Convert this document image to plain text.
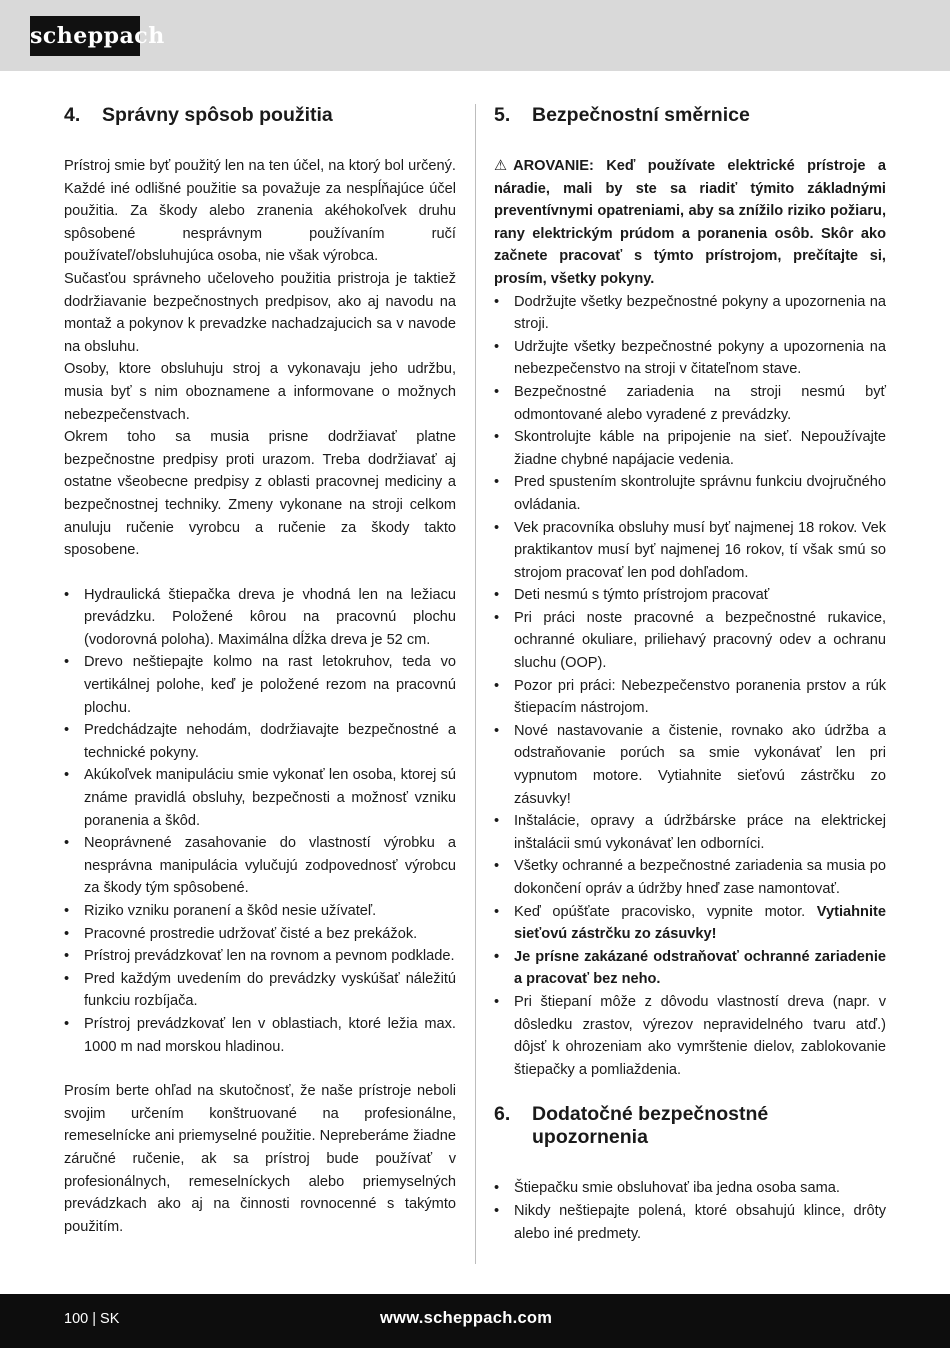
scheppach
4.	Správny spôsob použitia

Prístroj smie byť použitý len na ten účel, na ktorý bol určený. Každé iné odlišné použitie sa považuje za nespĺňajúce účel použitia. Za škody alebo zranenia akéhokoľvek druhu spôsobené nesprávnym používaním ručí používateľ/obsluhujúca osoba, nie však výrobca.

Sučasťou správneho učeloveho použitia pristroja je taktiež dodržiavanie bezpečnostnych predpisov, ako aj navodu na montaž a pokynov k prevadzke nachadzajucich sa v navode na obsluhu.

Osoby, ktore obsluhuju stroj a vykonavaju jeho udržbu, musia byť s nim oboznamene a informovane o možnych nebezpečenstvach.

Okrem toho sa musia prisne dodržiavať platne bezpečnostne predpisy proti urazom. Treba dodržiavať aj ostatne všeobecne predpisy z oblasti pracovnej mediciny a bezpečnostnej techniky. Zmeny vykonane na stroji celkom anuluju ručenie vyrobcu a ručenie za škody takto sposobene.

• Hydraulická štiepačka dreva je vhodná len na ležiacu prevádzku. Položené kôrou na pracovnú plochu (vodorovná poloha). Maximálna dĺžka dreva je 52 cm.
• Drevo neštiepajte kolmo na rast letokruhov, teda vo vertikálnej polohe, keď je položené rezom na pracovnú plochu.
• Predchádzajte nehodám, dodržiavajte bezpečnostné a technické pokyny.
• Akúkoľvek manipuláciu smie vykonať len osoba, ktorej sú známe pravidlá obsluhy, bezpečnosti a možnosť vzniku poranenia a škôd.
• Neoprávnené zasahovanie do vlastností výrobku a nesprávna manipulácia vylučujú zodpovednosť výrobcu za škody tým spôsobené.
• Riziko vzniku poranení a škôd nesie užívateľ.
• Pracovné prostredie udržovať čisté a bez prekážok.
• Prístroj prevádzkovať len na rovnom a pevnom podklade.
• Pred každým uvedením do prevádzky vyskúšať náležitú funkciu rozbíjača.
• Prístroj prevádzkovať len v oblastiach, ktoré ležia max. 1000 m nad morskou hladinou.

Prosím berte ohľad na skutočnosť, že naše prístroje neboli svojim určením konštruované na profesionálne, remeselnícke ani priemyselné použitie. Nepreberáme žiadne záručné ručenie, ak sa prístroj bude používať v profesionálnych, remeselníckych alebo priemyselných prevádzkach ako aj na činnosti rovnocenné s takýmto použitím.

5.	Bezpečnostní směrnice

⚠ AROVANIE: Keď používate elektrické prístroje a náradie, mali by ste sa riadiť týmito základnými preventívnymi opatreniami, aby sa znížilo riziko požiaru, rany elektrickým prúdom a poranenia osôb. Skôr ako začnete pracovať s týmto prístrojom, prečítajte si, prosím, všetky pokyny.

• Dodržujte všetky bezpečnostné pokyny a upozornenia na stroji.
• Udržujte všetky bezpečnostné pokyny a upozornenia na nebezpečenstvo na stroji v čitateľnom stave.
• Bezpečnostné zariadenia na stroji nesmú byť odmontované alebo vyradené z prevádzky.
• Skontrolujte káble na pripojenie na sieť. Nepoužívajte žiadne chybné napájacie vedenia.
• Pred spustením skontrolujte správnu funkciu dvojručného ovládania.
• Vek pracovníka obsluhy musí byť najmenej 18 rokov. Vek praktikantov musí byť najmenej 16 rokov, tí však smú so strojom pracovať len pod dohľadom.
• Deti nesmú s týmto prístrojom pracovať
• Pri práci noste pracovné a bezpečnostné rukavice, ochranné okuliare, priliehavý pracovný odev a ochranu sluchu (OOP).
• Pozor pri práci: Nebezpečenstvo poranenia prstov a rúk štiepacím nástrojom.
• Nové nastavovanie a čistenie, rovnako ako údržba a odstraňovanie porúch sa smie vykonávať len pri vypnutom motore. Vytiahnite sieťovú zástrčku zo zásuvky!
• Inštalácie, opravy a údržbárske práce na elektrickej inštalácii smú vykonávať len odborníci.
• Všetky ochranné a bezpečnostné zariadenia sa musia po dokončení opráv a údržby hneď zase namontovať.
• Keď opúšťate pracovisko, vypnite motor. Vytiahnite sieťovú zástrčku zo zásuvky!
• Je prísne zakázané odstraňovať ochranné zariadenie a pracovať bez neho.
• Pri štiepaní môže z dôvodu vlastností dreva (napr. v dôsledku zrastov, výrezov nepravidelného tvaru atď.) dôjsť k ohrozeniam ako vymrštenie dielov, zablokovanie štiepačky a pomliaždenia.
6.	Dodatočné bezpečnostné upozornenia
• Štiepačku smie obsluhovať iba jedna osoba sama.
• Nikdy neštiepajte polená, ktoré obsahujú klince, drôty alebo iné predmety.
100 | SK	www.scheppach.com
